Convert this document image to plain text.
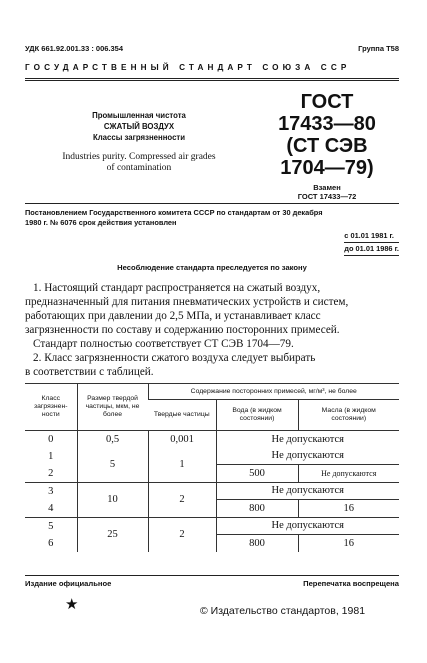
УДК 661.92.001.33 : 006.354	Группа Т58
ГОСУДАРСТВЕННЫЙ СТАНДАРТ СОЮЗА ССР
Промышленная чистота
СЖАТЫЙ ВОЗДУХ
Классы загрязненности
Industries purity. Compressed air grades
of contamination
ГОСТ
17433—80
(СТ СЭВ
1704—79)
Взамен
ГОСТ 17433—72
Постановлением Государственного комитета СССР по стандартам от 30 декабря
1980 г. № 6076 срок действия установлен
с 01.01 1981 г.
до 01.01 1986 г.
Несоблюдение стандарта преследуется по закону
1. Настоящий стандарт распространяется на сжатый воздух,
предназначенный для питания пневматических устройств и систем,
работающих при давлении до 2,5 МПа, и устанавливает класс
загрязненности по составу и содержанию посторонних примесей.
Стандарт полностью соответствует СТ СЭВ 1704—79.
2. Класс загрязненности сжатого воздуха следует выбирать
в соответствии с таблицей.
Класс загрязнен-ности	Размер твердой частицы, мкм, не более	Содержание посторонних примесей, мг/м³, не более		
		Твердые частицы	Вода (в жидком состоянии)	Масла (в жидком состоянии)
0	0,5	0,001	Не допускаются	
1	5	1	Не допускаются	
2			500	Не допускаются
3	10	2	Не допускаются	
4			800	16
5	25	2	Не допускаются	
6			800	16
Издание официальное	Перепечатка воспрещена
★	© Издательство стандартов, 1981
